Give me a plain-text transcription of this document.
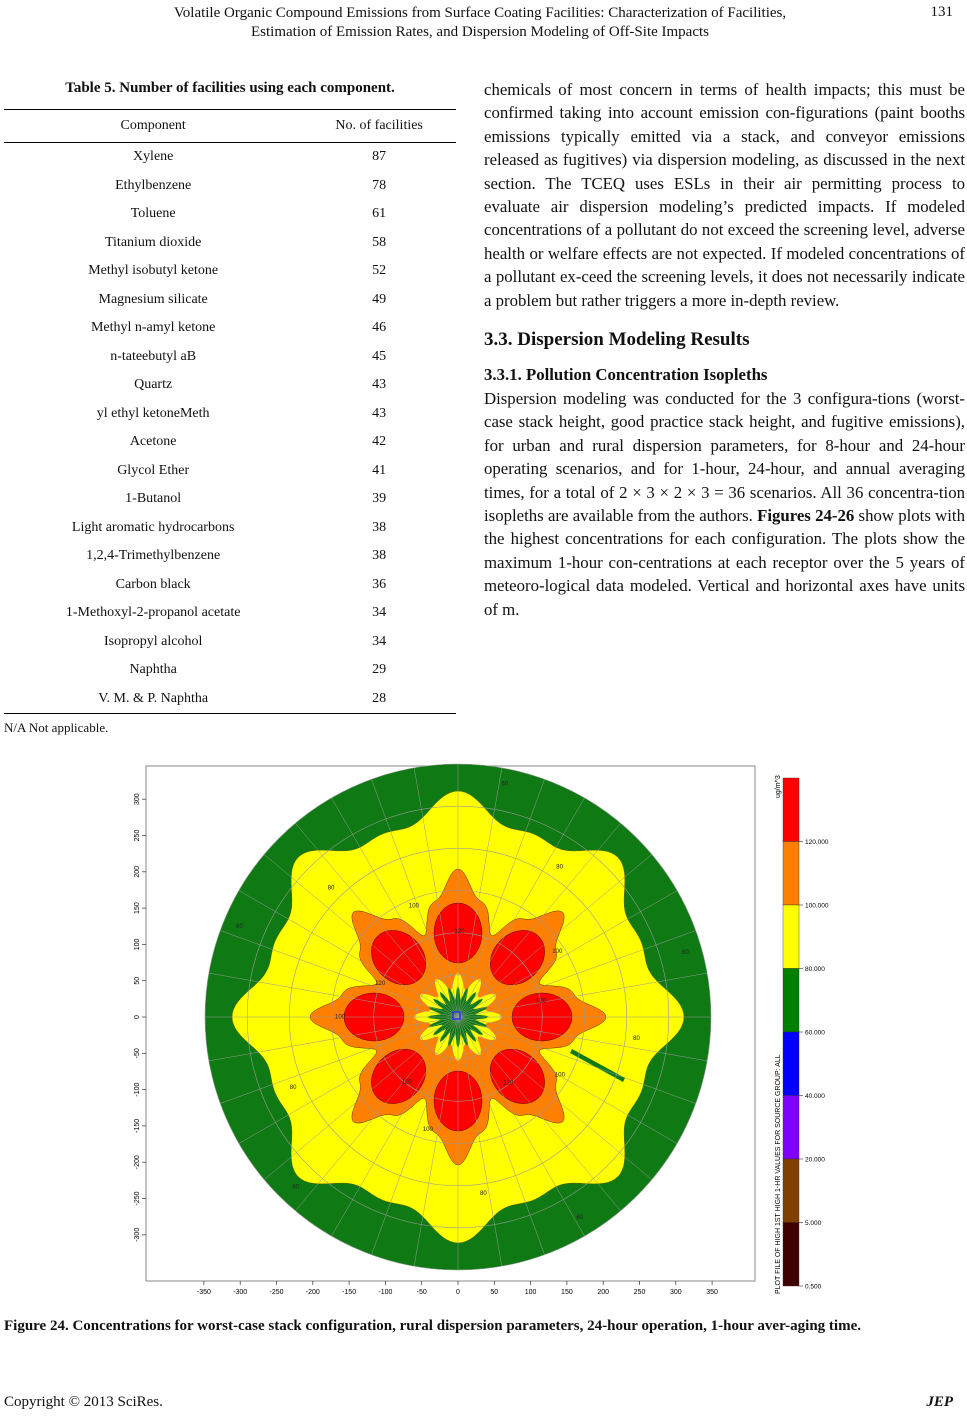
Volatile Organic Compound Emissions from Surface Coating Facilities: Characterization of Facilities,
Estimation of Emission Rates, and Dispersion Modeling of Off-Site Impacts
131
Table 5. Number of facilities using each component.
Component	No. of facilities
Xylene	87
Ethylbenzene	78
Toluene	61
Titanium dioxide	58
Methyl isobutyl ketone	52
Magnesium silicate	49
Methyl n-amyl ketone	46
n-tateebutyl aB	45
Quartz	43
yl ethyl ketoneMeth	43
Acetone	42
Glycol Ether	41
1-Butanol	39
Light aromatic hydrocarbons	38
1,2,4-Trimethylbenzene	38
Carbon black	36
1-Methoxyl-2-propanol acetate	34
Isopropyl alcohol	34
Naphtha	29
V. M. & P. Naphtha	28
N/A Not applicable.

chemicals of most concern in terms of health impacts; this must be confirmed taking into account emission con-figurations (paint booths emissions typically emitted via a stack, and conveyor emissions released as fugitives) via dispersion modeling, as discussed in the next section. The TCEQ uses ESLs in their air permitting process to evaluate air dispersion modeling’s predicted impacts. If modeled concentrations of a pollutant do not exceed the screening level, adverse health or welfare effects are not expected. If modeled concentrations of a pollutant ex-ceed the screening levels, it does not necessarily indicate a problem but rather triggers a more in-depth review.

3.3. Dispersion Modeling Results
3.3.1. Pollution Concentration Isopleths

Dispersion modeling was conducted for the 3 configura-tions (worst-case stack height, good practice stack height, and fugitive emissions), for urban and rural dispersion parameters, for 8-hour and 24-hour operating scenarios, and for 1-hour, 24-hour, and annual averaging times, for a total of 2 × 3 × 2 × 3 = 36 scenarios. All 36 concentra-tion isopleths are available from the authors. Figures 24-26 show plots with the highest concentrations for each configuration. The plots show the maximum 1-hour con-centrations at each receptor over the 5 years of meteoro-logical data modeled. Vertical and horizontal axes have units of m.

60
60
60
60
60
80
80
80
80
80
100
100
100
100
100
120
120
120
120
120
-350	-300	-250	-200	-150	-100	-50	0	50	100	150	200	250	300	350
300
250
200
150
100
50
0
-50
-100
-150
-200
-250
-300
120.000
100.000
80.000
60.000
40.000
20.000
5.000
0.500
PLOT FILE OF HIGH 1ST HIGH 1-HR VALUES FOR SOURCE GROUP: ALL
ug/m^3
Figure 24. Concentrations for worst-case stack configuration, rural dispersion parameters, 24-hour operation, 1-hour aver-aging time.
Copyright © 2013 SciRes.	JEP
